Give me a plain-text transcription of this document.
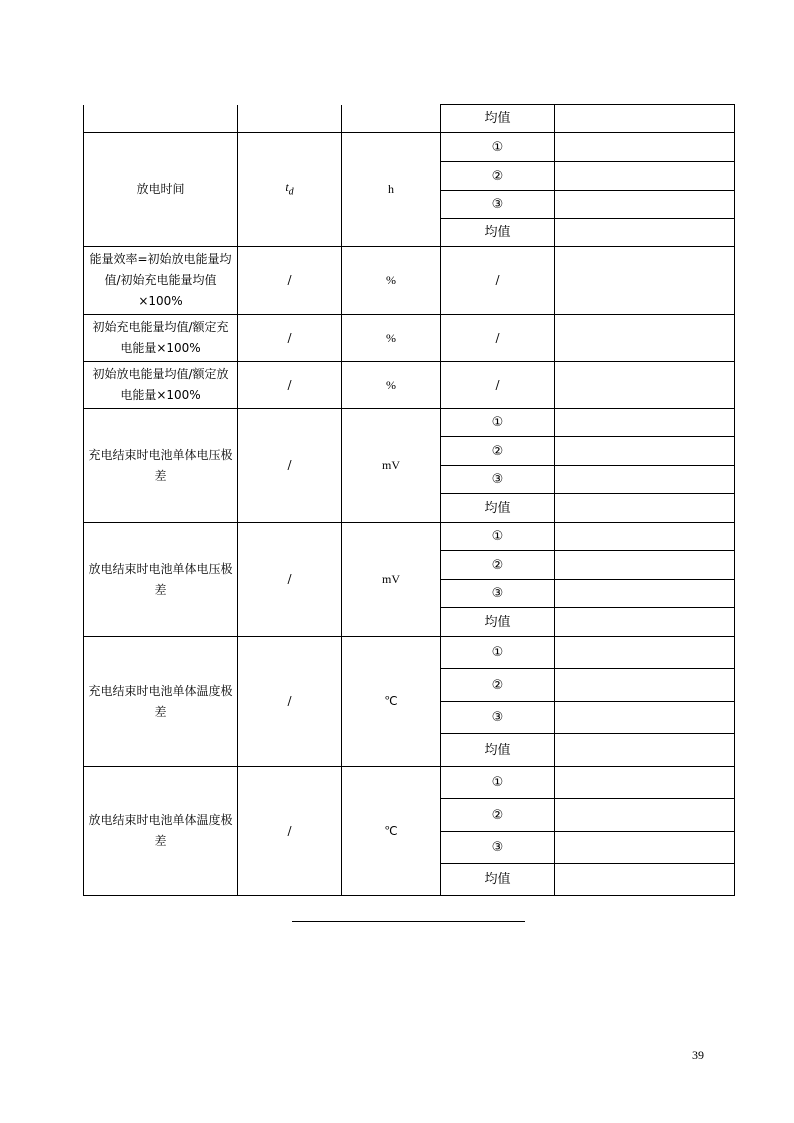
			均值	
放电时间	$t_d$	h	①	
			②	
			③	
			均值	
能量效率=初始放电能量均值/初始充电能量均值×100%	/	%	/	
初始充电能量均值/额定充电能量×100%	/	%	/	
初始放电能量均值/额定放电能量×100%	/	%	/	
充电结束时电池单体电压极差	/	mV	①	
			②	
			③	
			均值	
放电结束时电池单体电压极差	/	mV	①	
			②	
			③	
			均值	
充电结束时电池单体温度极差	/	℃	①	
			②	
			③	
			均值	
放电结束时电池单体温度极差	/	℃	①	
			②	
			③	
			均值	
39
